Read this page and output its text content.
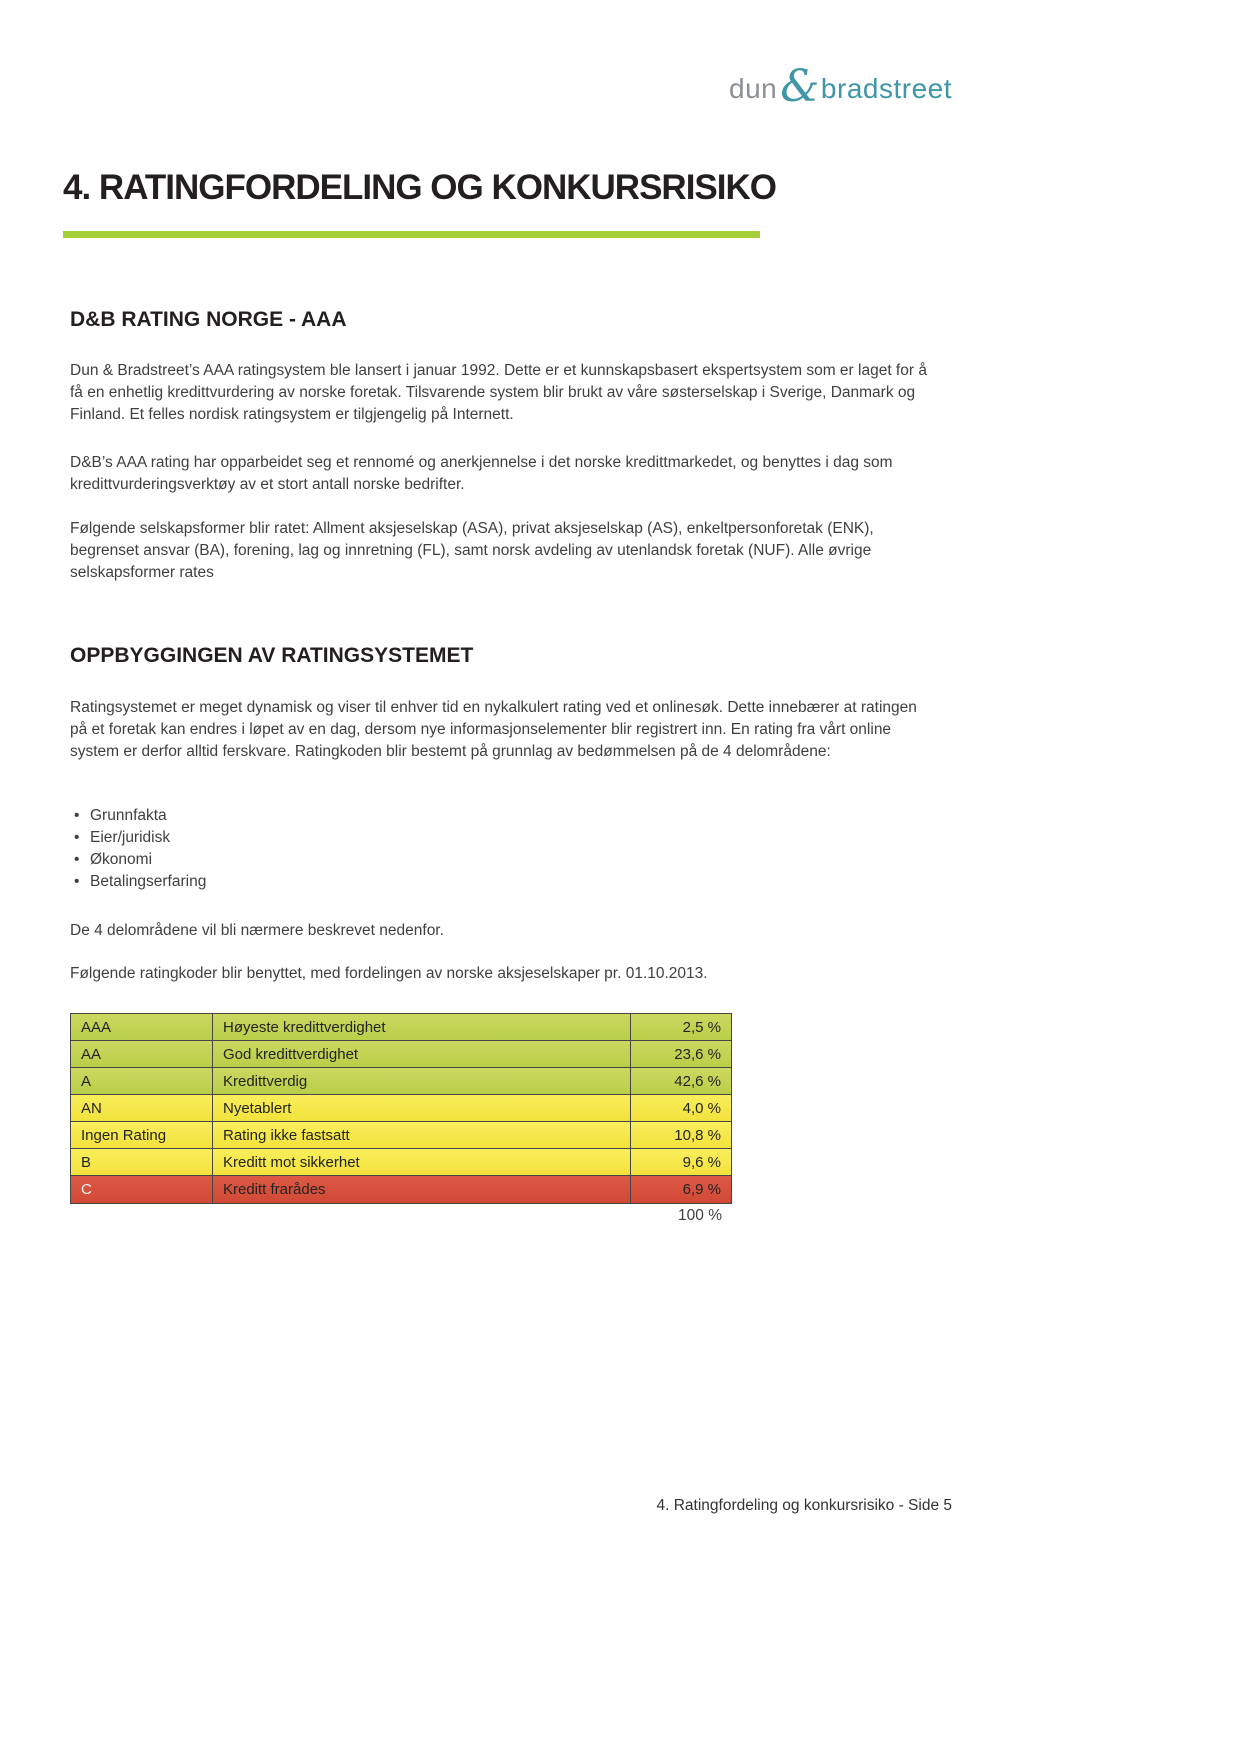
dun & bradstreet
4. RATINGFORDELING OG KONKURSRISIKO
D&B RATING NORGE - AAA

Dun & Bradstreet’s AAA ratingsystem ble lansert i januar 1992. Dette er et kunnskapsbasert ekspertsystem som er laget for å få en enhetlig kredittvurdering av norske foretak. Tilsvarende system blir brukt av våre søsterselskap i Sverige, Danmark og Finland. Et felles nordisk ratingsystem er tilgjengelig på Internett.

D&B’s AAA rating har opparbeidet seg et rennomé og anerkjennelse i det norske kredittmarkedet, og benyttes i dag som kredittvurderingsverktøy av et stort antall norske bedrifter.

Følgende selskapsformer blir ratet: Allment aksjeselskap (ASA), privat aksjeselskap (AS), enkeltpersonforetak (ENK), begrenset ansvar (BA), forening, lag og innretning (FL), samt norsk avdeling av utenlandsk foretak (NUF). Alle øvrige selskapsformer rates

OPPBYGGINGEN AV RATINGSYSTEMET

Ratingsystemet er meget dynamisk og viser til enhver tid en nykalkulert rating ved et onlinesøk. Dette innebærer at ratingen på et foretak kan endres i løpet av en dag, dersom nye informasjonselementer blir registrert inn. En rating fra vårt online system er derfor alltid ferskvare. Ratingkoden blir bestemt på grunnlag av bedømmelsen på de 4 delområdene:

• Grunnfakta
• Eier/juridisk
• Økonomi
• Betalingserfaring

De 4 delområdene vil bli nærmere beskrevet nedenfor.

Følgende ratingkoder blir benyttet, med fordelingen av norske aksjeselskaper pr. 01.10.2013.

AAA	Høyeste kredittverdighet	2,5 %
AA	God kredittverdighet	23,6 %
A	Kredittverdig	42,6 %
AN	Nyetablert	4,0 %
Ingen Rating	Rating ikke fastsatt	10,8 %
B	Kreditt mot sikkerhet	9,6 %
C	Kreditt frarådes	6,9 %
100 %
4. Ratingfordeling og konkursrisiko - Side 5
